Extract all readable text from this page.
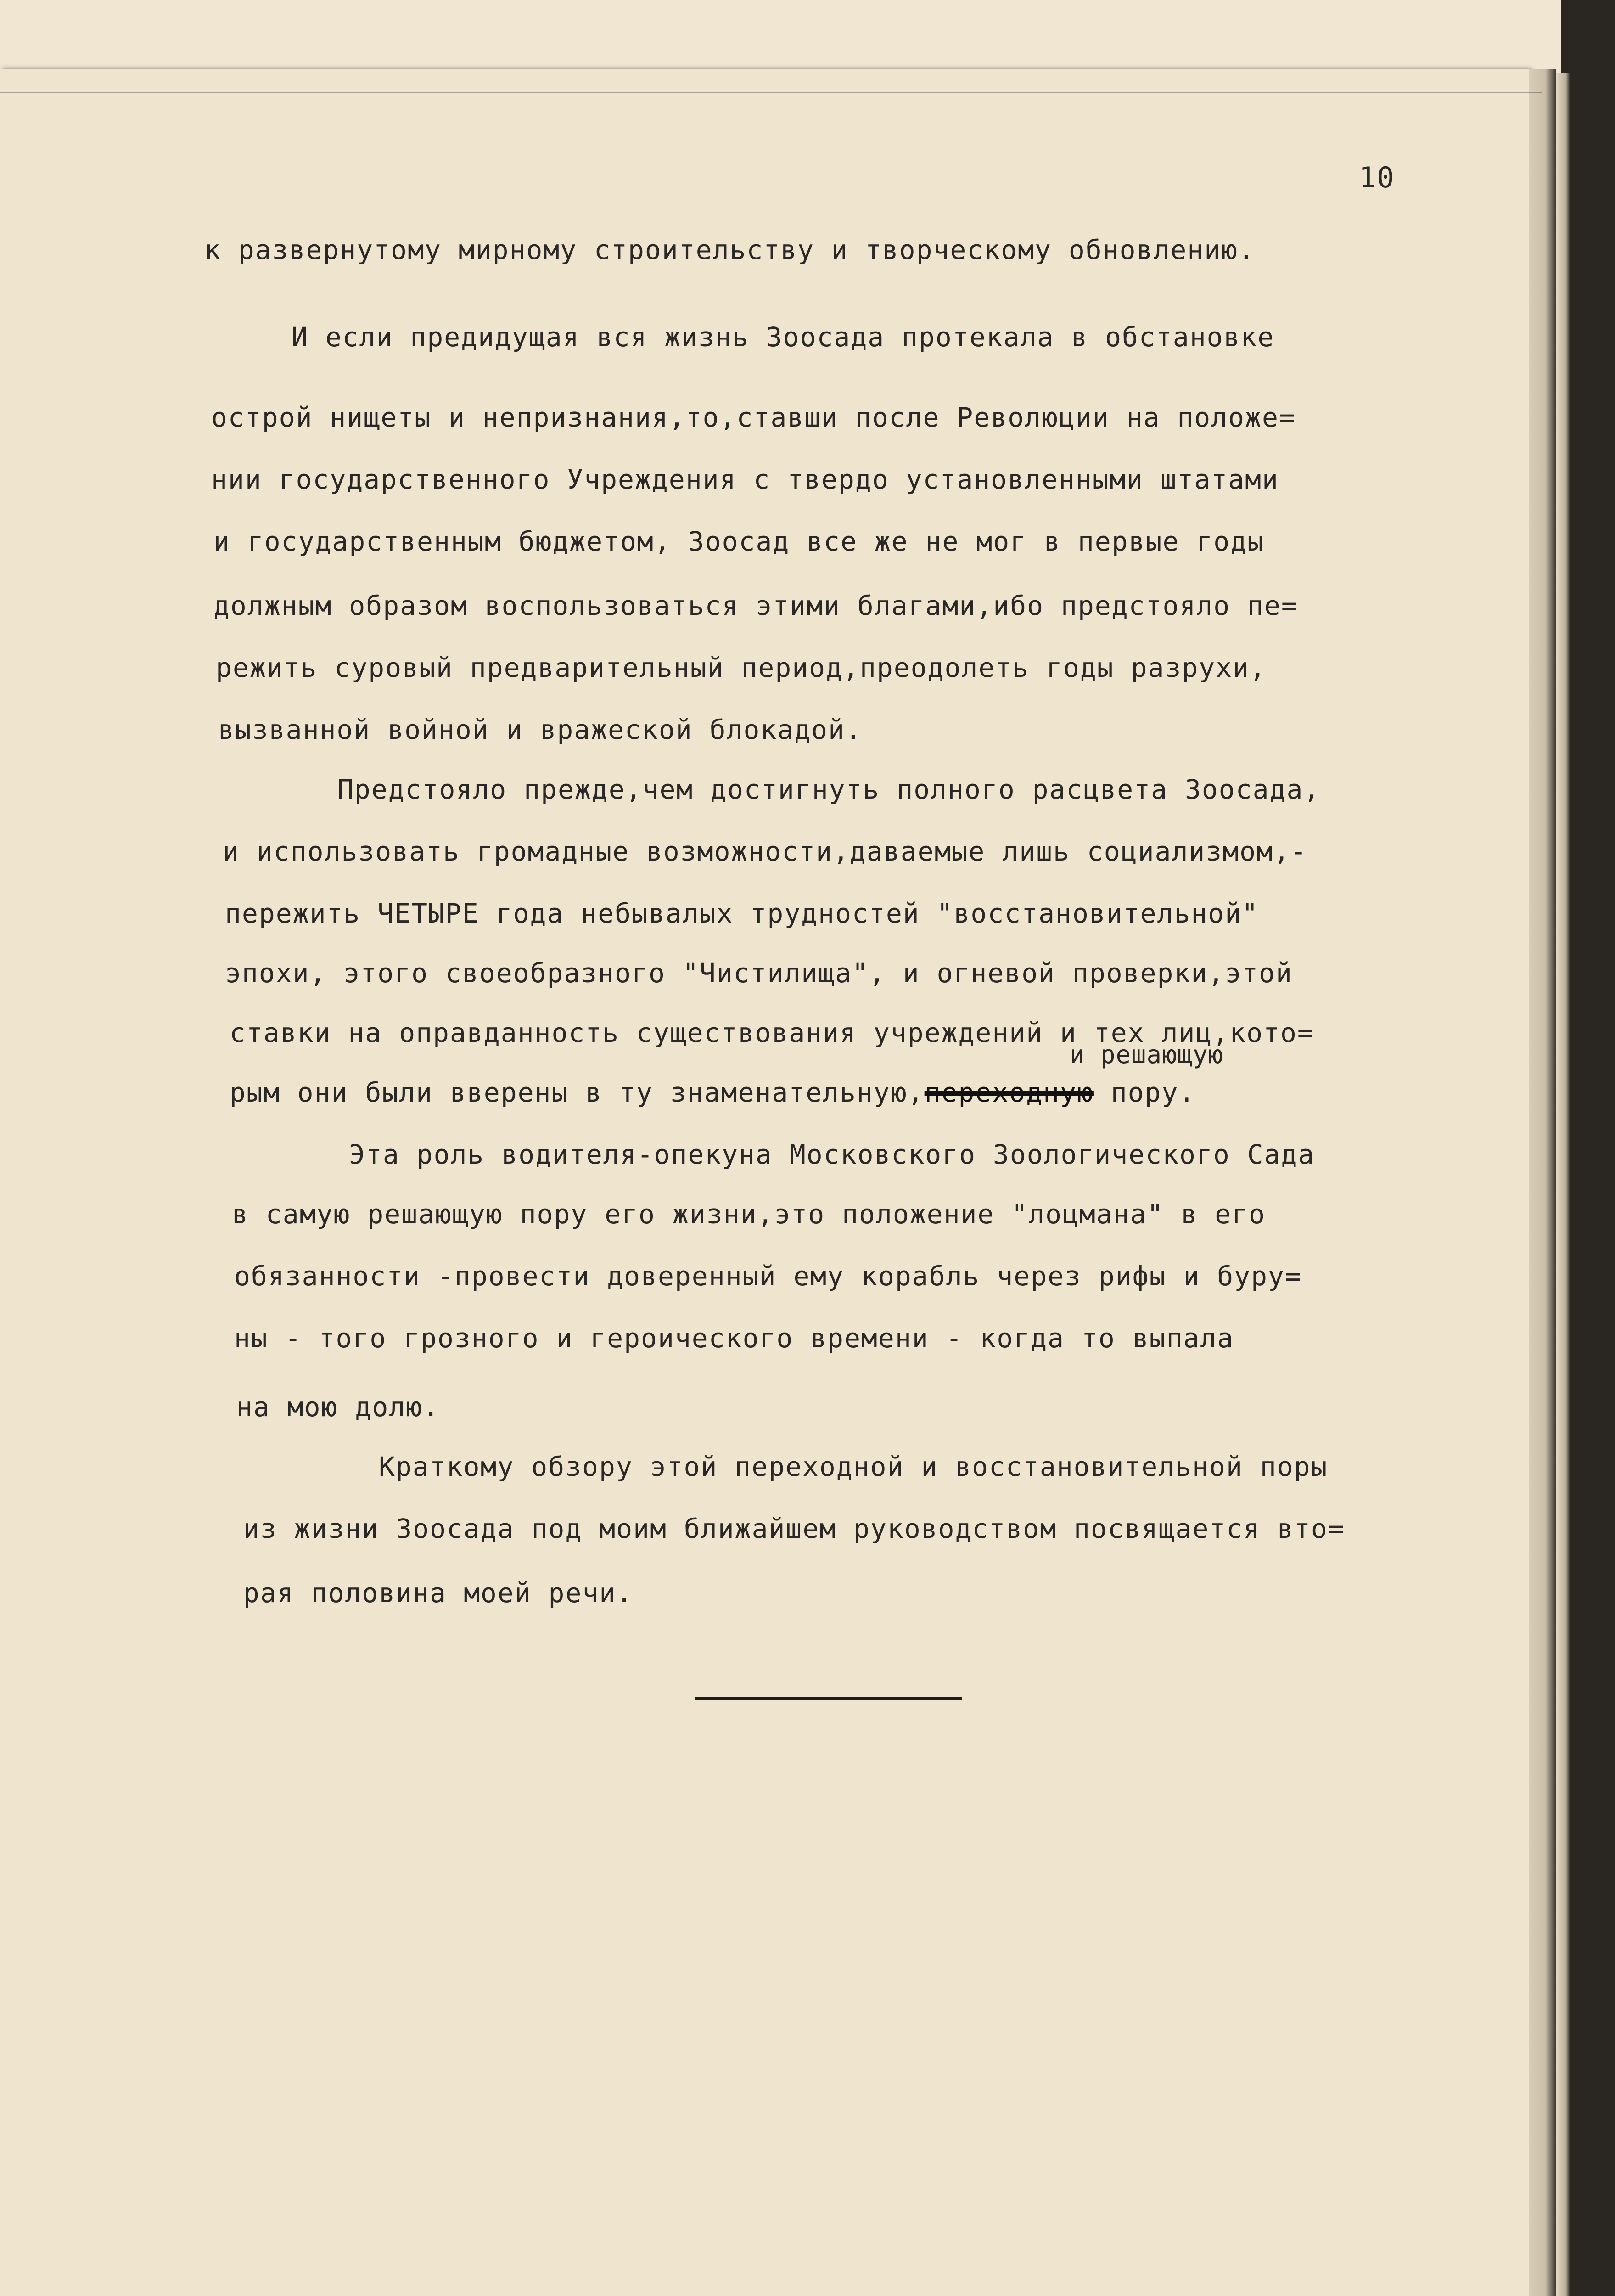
10
к развернутому мирному строительству и творческому обновлению.
И если предидущая вся жизнь Зоосада протекала в обстановке
острой нищеты и непризнания,то,ставши после Революции на положе=
нии государственного Учреждения с твердо установленными штатами
и государственным бюджетом, Зоосад все же не мог в первые годы
должным образом воспользоваться этими благами,ибо предстояло пе=
режить суровый предварительный период,преодолеть годы разрухи,
вызванной войной и вражеской блокадой.
Предстояло прежде,чем достигнуть полного расцвета Зоосада,
и использовать громадные возможности,даваемые лишь социализмом,-
пережить ЧЕТЫРЕ года небывалых трудностей "восстановительной"
эпохи, этого своеобразного "Чистилища", и огневой проверки,этой
ставки на оправданность существования учреждений и тех лиц,кото=
и решающую
рым они были вверены в ту знаменательную,переходную пору.
Эта роль водителя-опекуна Московского Зоологического Сада
в самую решающую пору его жизни,это положение "лоцмана" в его
обязанности -провести доверенный ему корабль через рифы и буру=
ны - того грозного и героического времени - когда то выпала
на мою долю.
Краткому обзору этой переходной и восстановительной поры
из жизни Зоосада под моим ближайшем руководством посвящается вто=
рая половина моей речи.
